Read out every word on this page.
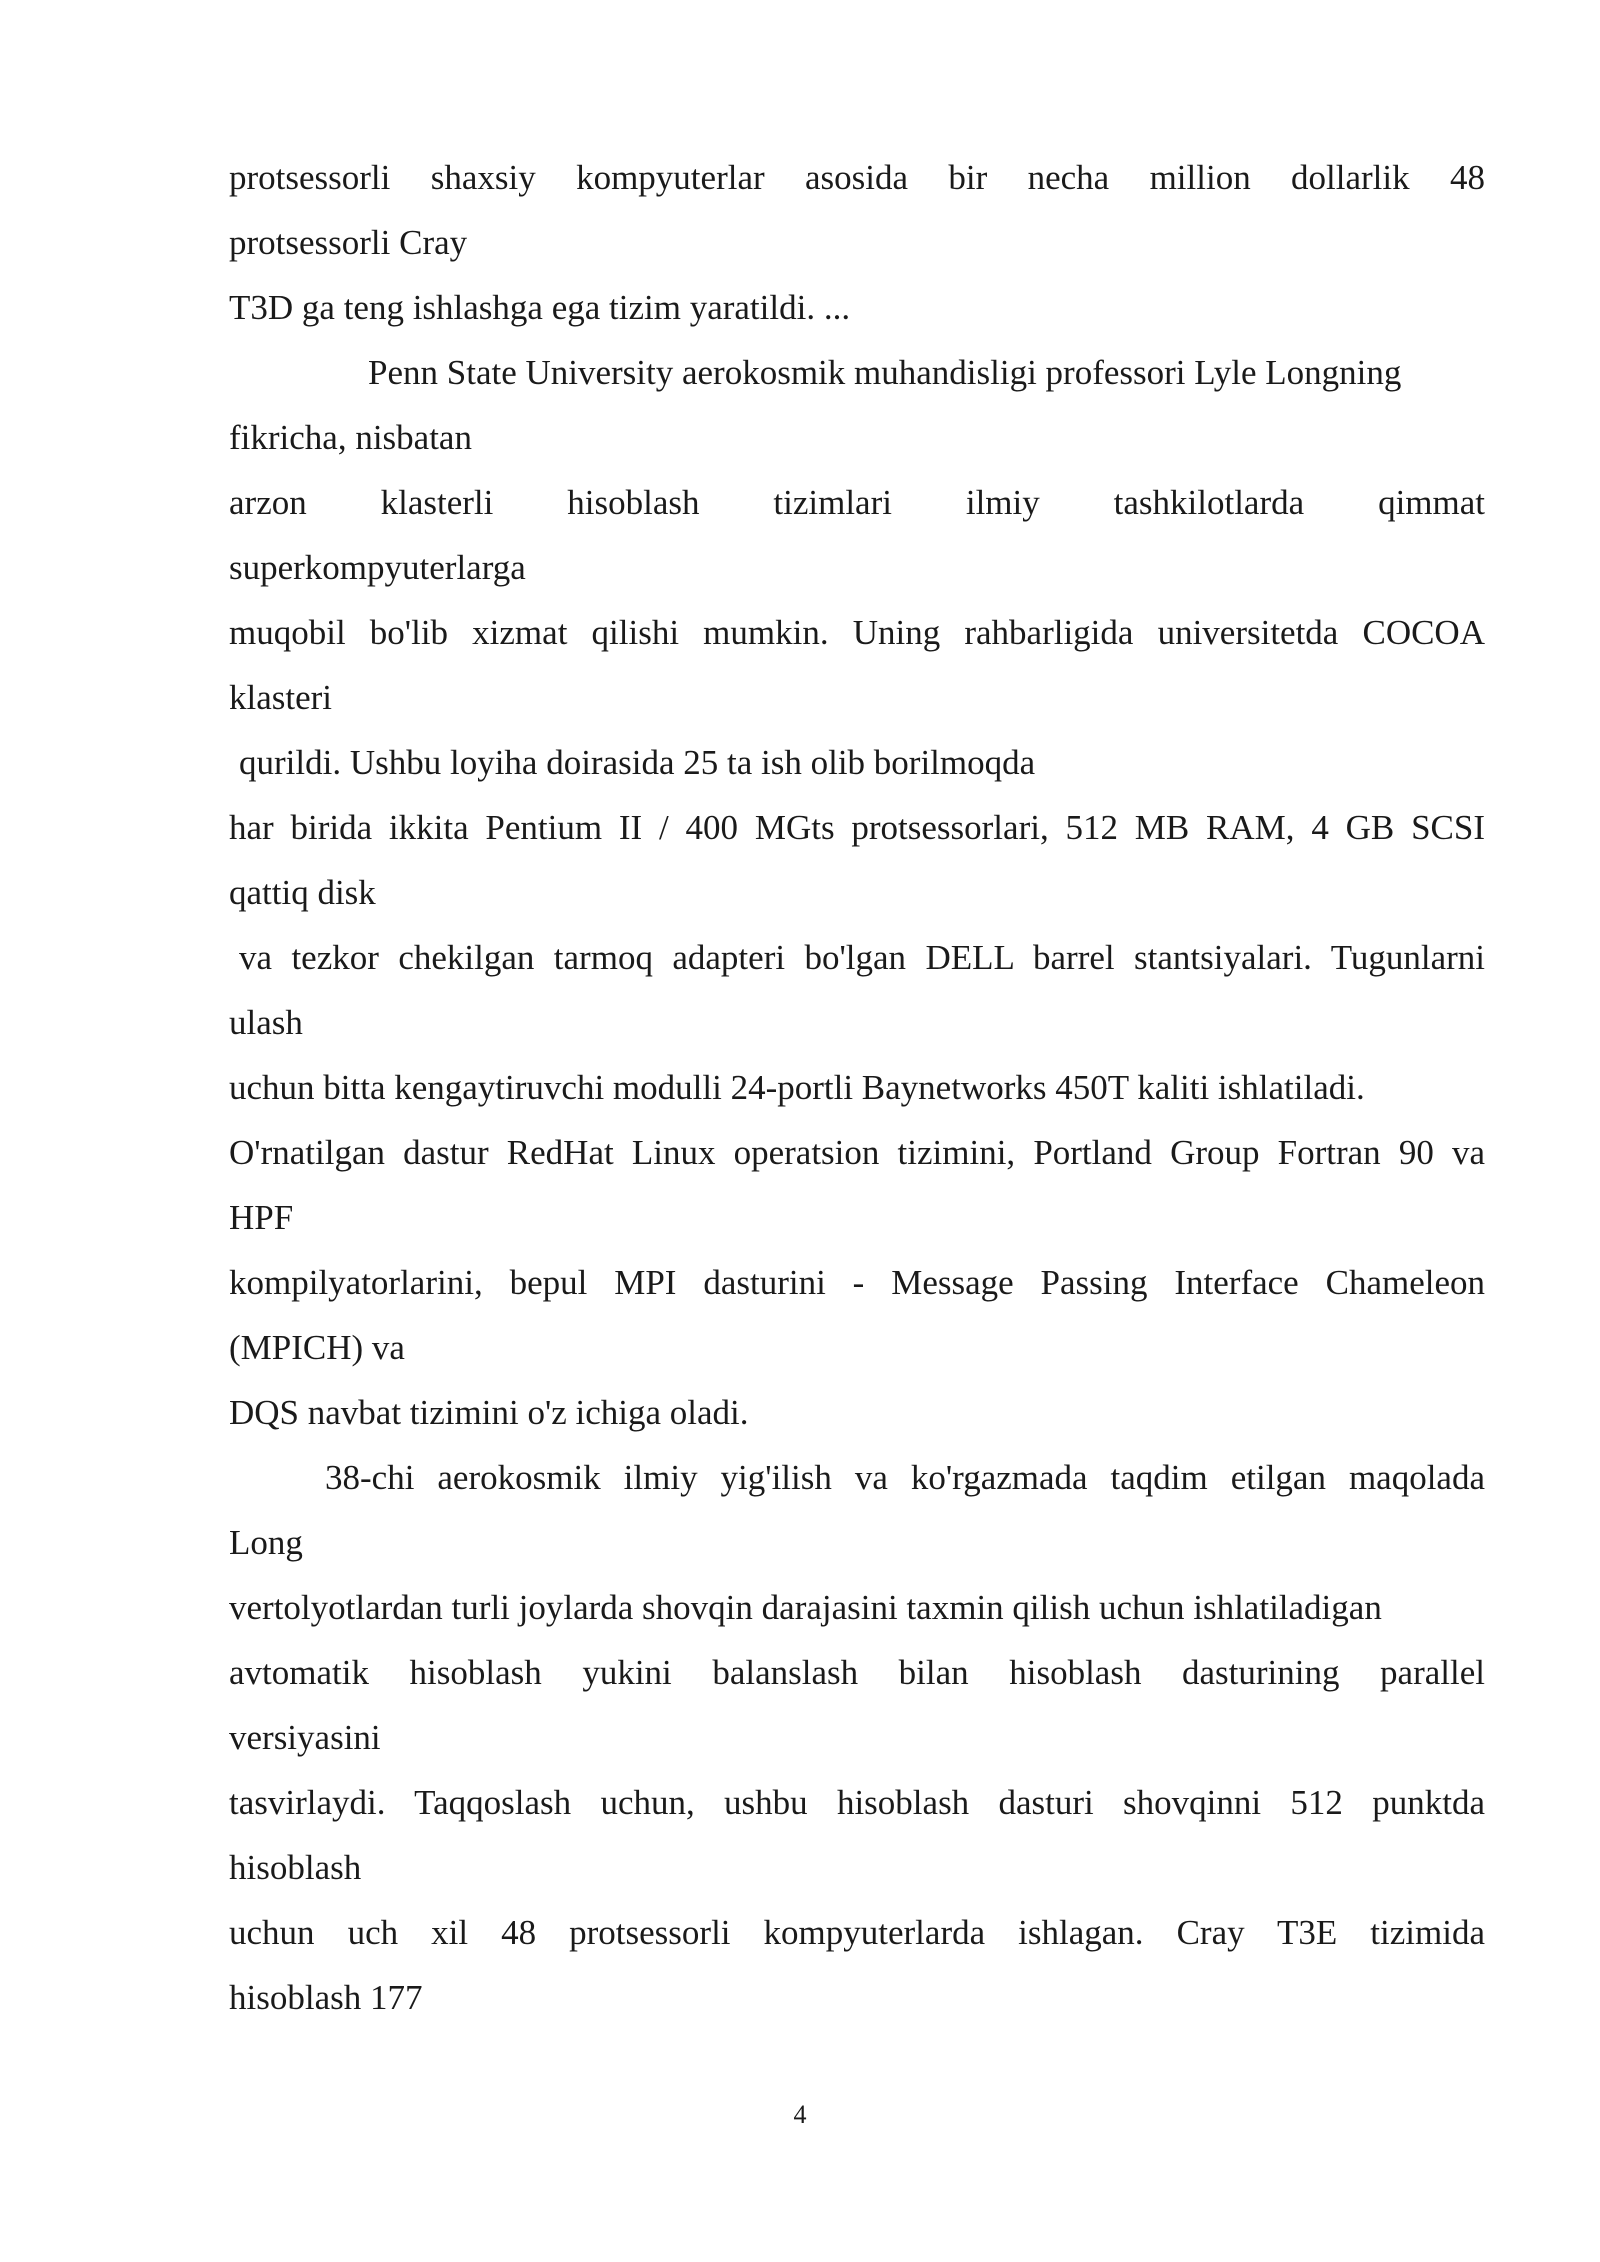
protsessorli shaxsiy kompyuterlar asosida bir necha million dollarlik 48
protsessorli Cray
T3D ga teng ishlashga ega tizim yaratildi. ...
Penn State University aerokosmik muhandisligi professori Lyle Longning
fikricha, nisbatan
arzon klasterli hisoblash tizimlari ilmiy tashkilotlarda qimmat
superkompyuterlarga
muqobil bo'lib xizmat qilishi mumkin. Uning rahbarligida universitetda COCOA
klasteri
qurildi. Ushbu loyiha doirasida 25 ta ish olib borilmoqda
har birida ikkita Pentium II / 400 MGts protsessorlari, 512 MB RAM, 4 GB SCSI
qattiq disk
va tezkor chekilgan tarmoq adapteri bo'lgan DELL barrel stantsiyalari. Tugunlarni
ulash
uchun bitta kengaytiruvchi modulli 24-portli Baynetworks 450T kaliti ishlatiladi.
O'rnatilgan dastur RedHat Linux operatsion tizimini, Portland Group Fortran 90 va
HPF
kompilyatorlarini, bepul MPI dasturini - Message Passing Interface Chameleon
(MPICH) va
DQS navbat tizimini o'z ichiga oladi.
38-chi aerokosmik ilmiy yig'ilish va ko'rgazmada taqdim etilgan maqolada
Long
vertolyotlardan turli joylarda shovqin darajasini taxmin qilish uchun ishlatiladigan
avtomatik hisoblash yukini balanslash bilan hisoblash dasturining parallel
versiyasini
tasvirlaydi. Taqqoslash uchun, ushbu hisoblash dasturi shovqinni 512 punktda
hisoblash
uchun uch xil 48 protsessorli kompyuterlarda ishlagan. Cray T3E tizimida
hisoblash 177
4
